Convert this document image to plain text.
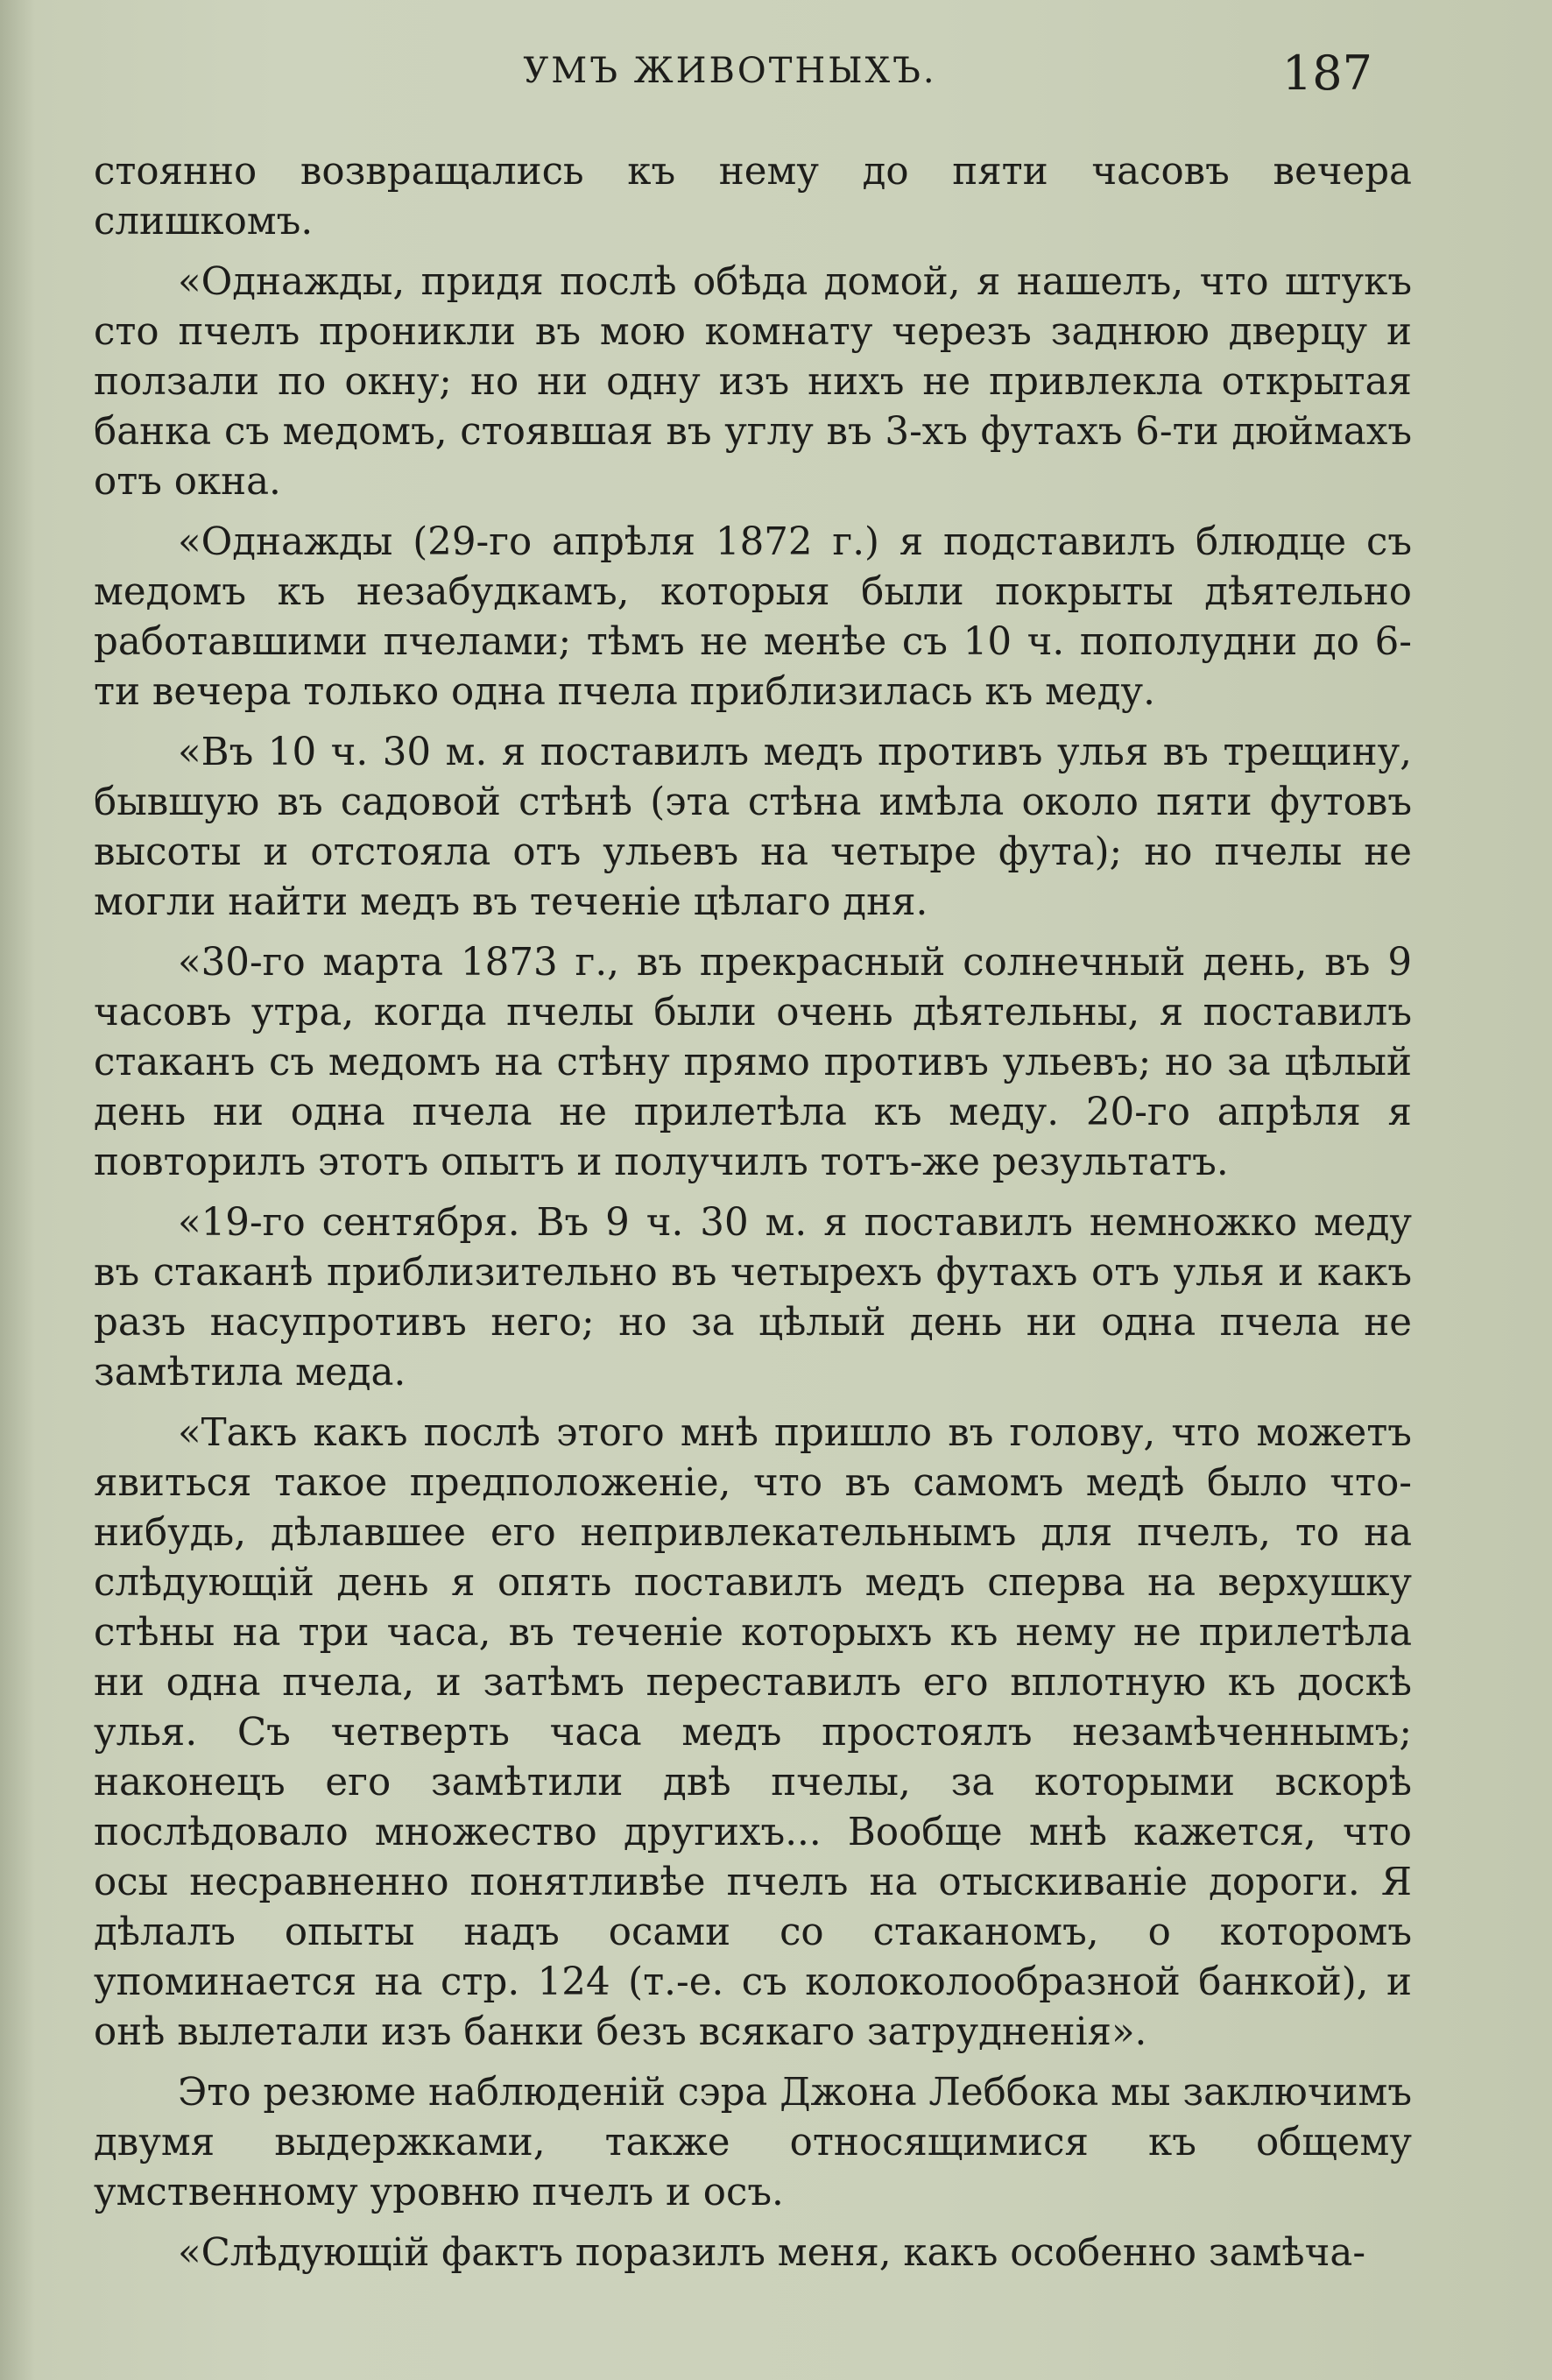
УМЪ ЖИВОТНЫХЪ.	187

стоянно возвращались къ нему до пяти часовъ вечера слишкомъ.

«Однажды, придя послѣ обѣда домой, я нашелъ, что штукъ сто пчелъ проникли въ мою комнату черезъ заднюю дверцу и ползали по окну; но ни одну изъ нихъ не привлекла открытая банка съ медомъ, стоявшая въ углу въ 3-хъ футахъ 6-ти дюймахъ отъ окна.

«Однажды (29-го апрѣля 1872 г.) я подставилъ блюдце съ медомъ къ незабудкамъ, которыя были покрыты дѣятельно работавшими пчелами; тѣмъ не менѣе съ 10 ч. пополудни до 6-ти вечера только одна пчела приблизилась къ меду.

«Въ 10 ч. 30 м. я поставилъ медъ противъ улья въ трещину, бывшую въ садовой стѣнѣ (эта стѣна имѣла около пяти футовъ высоты и отстояла отъ ульевъ на четыре фута); но пчелы не могли найти медъ въ теченіе цѣлаго дня.

«30-го марта 1873 г., въ прекрасный солнечный день, въ 9 часовъ утра, когда пчелы были очень дѣятельны, я поставилъ стаканъ съ медомъ на стѣну прямо противъ ульевъ; но за цѣлый день ни одна пчела не прилетѣла къ меду. 20-го апрѣля я повторилъ этотъ опытъ и получилъ тотъ-же результатъ.

«19-го сентября. Въ 9 ч. 30 м. я поставилъ немножко меду въ стаканѣ приблизительно въ четырехъ футахъ отъ улья и какъ разъ насупротивъ него; но за цѣлый день ни одна пчела не замѣтила меда.

«Такъ какъ послѣ этого мнѣ пришло въ голову, что можетъ явиться такое предположеніе, что въ самомъ медѣ было что-нибудь, дѣлавшее его непривлекательнымъ для пчелъ, то на слѣдующій день я опять поставилъ медъ сперва на верхушку стѣны на три часа, въ теченіе которыхъ къ нему не прилетѣла ни одна пчела, и затѣмъ переставилъ его вплотную къ доскѣ улья. Съ четверть часа медъ простоялъ незамѣченнымъ; наконецъ его замѣтили двѣ пчелы, за которыми вскорѣ послѣдовало множество другихъ... Вообще мнѣ кажется, что осы несравненно понятливѣе пчелъ на отыскиваніе дороги. Я дѣлалъ опыты надъ осами со стаканомъ, о которомъ упоминается на стр. 124 (т.-е. съ колоколообразной банкой), и онѣ вылетали изъ банки безъ всякаго затрудненія».

Это резюме наблюденій сэра Джона Леббока мы заключимъ двумя выдержками, также относящимися къ общему умственному уровню пчелъ и осъ.

«Слѣдующій фактъ поразилъ меня, какъ особенно замѣча-
